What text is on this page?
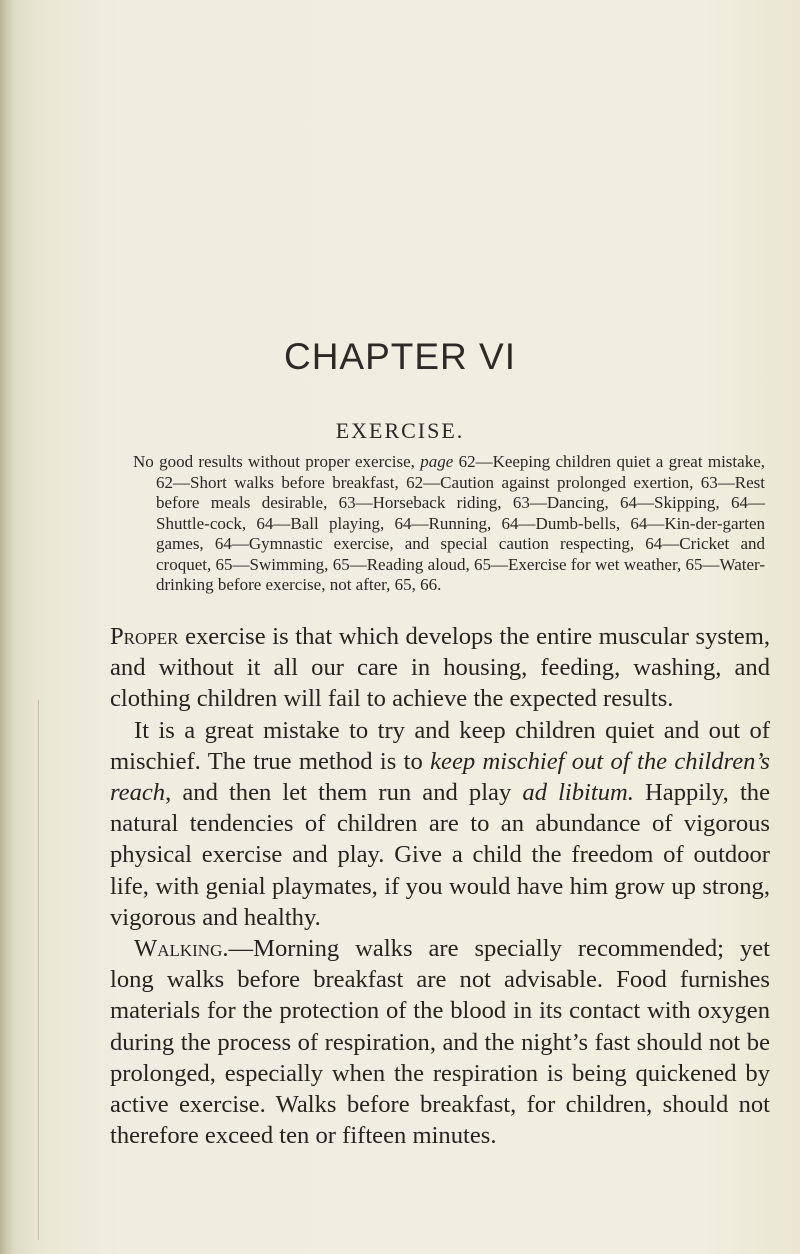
CHAPTER VI
EXERCISE.

No good results without proper exercise, page 62—Keeping children quiet a great mistake, 62—Short walks before breakfast, 62—Caution against prolonged exertion, 63—Rest before meals desirable, 63—Horseback riding, 63—Dancing, 64—Skipping, 64—Shuttle-cock, 64—Ball playing, 64—Running, 64—Dumb-bells, 64—Kin-der-garten games, 64—Gymnastic exercise, and special caution respecting, 64—Cricket and croquet, 65—Swimming, 65—Reading aloud, 65—Exercise for wet weather, 65—Water-drinking before exercise, not after, 65, 66.

Proper exercise is that which develops the entire muscular system, and without it all our care in housing, feeding, washing, and clothing children will fail to achieve the expected results.

It is a great mistake to try and keep children quiet and out of mischief. The true method is to keep mischief out of the children’s reach, and then let them run and play ad libitum. Happily, the natural tendencies of children are to an abundance of vigorous physical exercise and play. Give a child the freedom of outdoor life, with genial playmates, if you would have him grow up strong, vigorous and healthy.

Walking.—Morning walks are specially recommended; yet long walks before breakfast are not advisable. Food furnishes materials for the protection of the blood in its contact with oxygen during the process of respiration, and the night’s fast should not be prolonged, especially when the respiration is being quickened by active exercise. Walks before breakfast, for children, should not therefore exceed ten or fifteen minutes.
